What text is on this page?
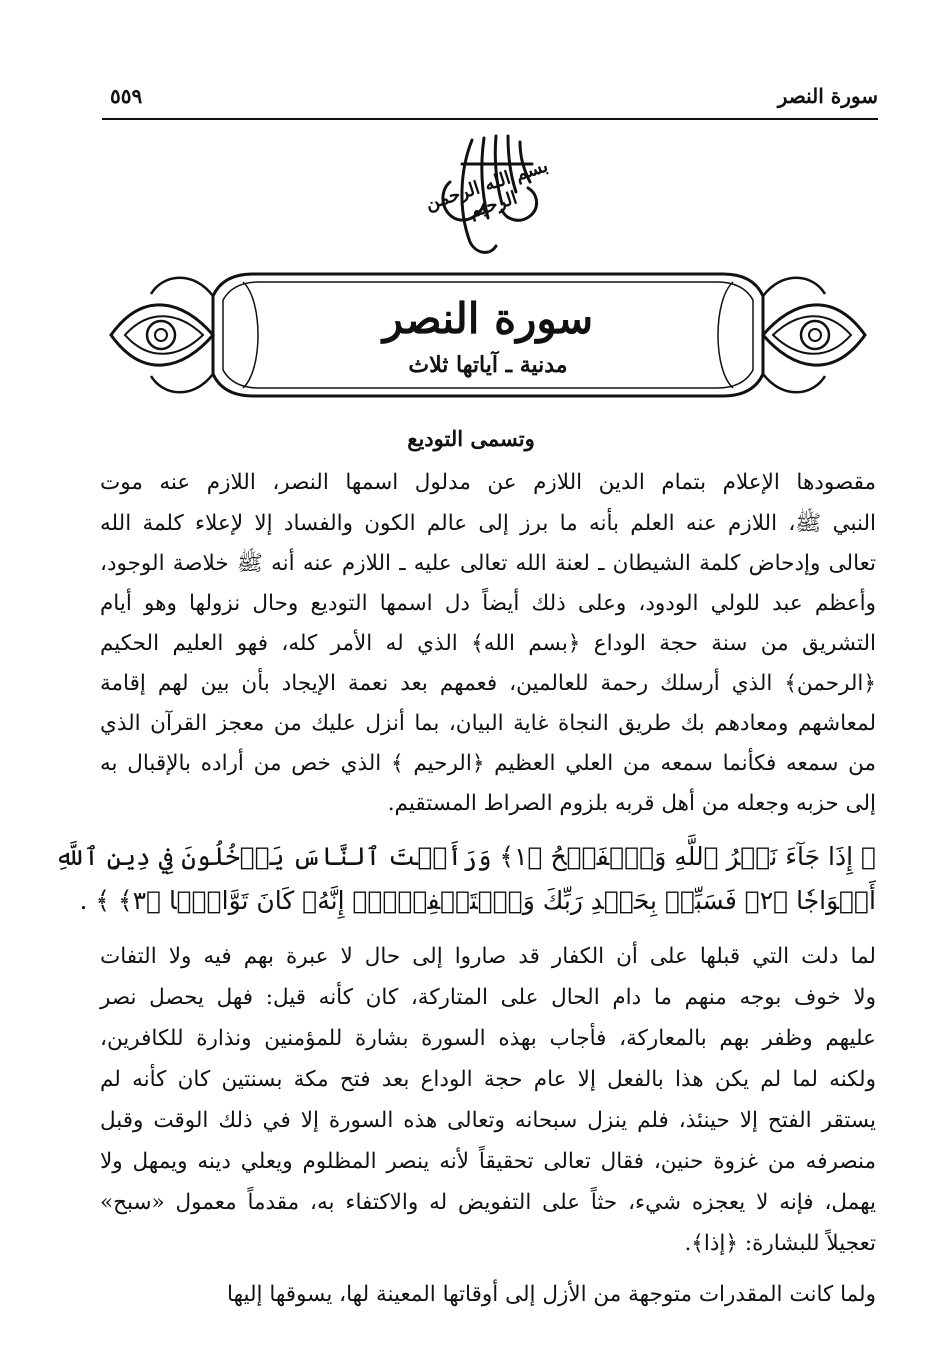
سورة النصر
٥٥٩
بسم الله الرحمن الرحيم
سورة النصر
مدنية ـ آياتها ثلاث
وتسمى التوديع
مقصودها الإعلام بتمام الدين اللازم عن مدلول اسمها النصر، اللازم عنه موت
النبي ﷺ، اللازم عنه العلم بأنه ما برز إلى عالم الكون والفساد إلا لإعلاء كلمة الله
تعالى وإدحاض كلمة الشيطان ـ لعنة الله تعالى عليه ـ اللازم عنه أنه ﷺ خلاصة الوجود،
وأعظم عبد للولي الودود، وعلى ذلك أيضاً دل اسمها التوديع وحال نزولها وهو أيام
التشريق من سنة حجة الوداع ﴿بسم الله﴾ الذي له الأمر كله، فهو العليم الحكيم
﴿الرحمن﴾ الذي أرسلك رحمة للعالمين، فعمهم بعد نعمة الإيجاد بأن بين لهم إقامة
لمعاشهم ومعادهم بك طريق النجاة غاية البيان، بما أنزل عليك من معجز القرآن الذي
من سمعه فكأنما سمعه من العلي العظيم ﴿الرحيم ﴾ الذي خص من أراده بالإقبال به
إلى حزبه وجعله من أهل قربه بلزوم الصراط المستقيم.
﴿ إِذَا جَآءَ نَصۡرُ ٱللَّهِ وَٱلۡفَتۡحُ ﴿١﴾ وَرَأَيۡتَ ٱلنَّاسَ يَدۡخُلُونَ فِي دِينِ ٱللَّهِ
أَفۡوَاجٗا ﴿٢﴾ فَسَبِّحۡ بِحَمۡدِ رَبِّكَ وَٱسۡتَغۡفِرۡهُۚ إِنَّهُۥ كَانَ تَوَّابَۢا ﴿٣﴾ ﴾ .
لما دلت التي قبلها على أن الكفار قد صاروا إلى حال لا عبرة بهم فيه ولا التفات
ولا خوف بوجه منهم ما دام الحال على المتاركة، كان كأنه قيل: فهل يحصل نصر
عليهم وظفر بهم بالمعاركة، فأجاب بهذه السورة بشارة للمؤمنين ونذارة للكافرين،
ولكنه لما لم يكن هذا بالفعل إلا عام حجة الوداع بعد فتح مكة بسنتين كان كأنه لم
يستقر الفتح إلا حينئذ، فلم ينزل سبحانه وتعالى هذه السورة إلا في ذلك الوقت وقبل
منصرفه من غزوة حنين، فقال تعالى تحقيقاً لأنه ينصر المظلوم ويعلي دينه ويمهل ولا
يهمل، فإنه لا يعجزه شيء، حثاً على التفويض له والاكتفاء به، مقدماً معمول «سبح»
تعجيلاً للبشارة: ﴿إذا﴾.
ولما كانت المقدرات متوجهة من الأزل إلى أوقاتها المعينة لها، يسوقها إليها
